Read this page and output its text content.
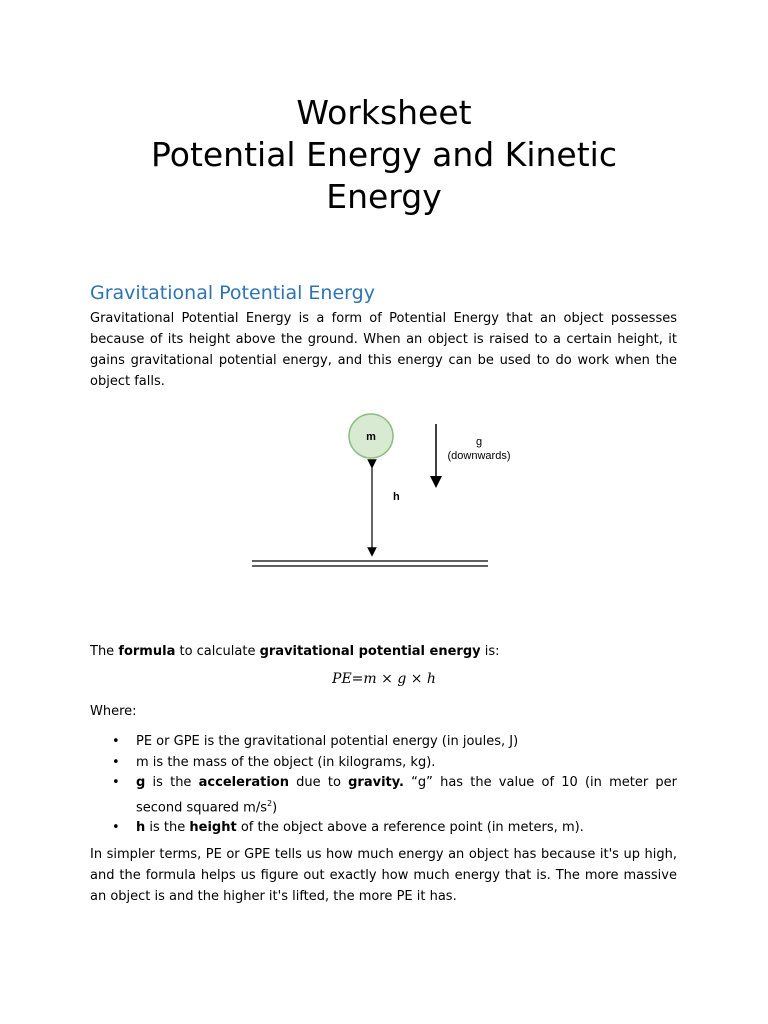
Worksheet
Potential Energy and Kinetic
Energy
Gravitational Potential Energy

Gravitational Potential Energy is a form of Potential Energy that an object possesses because of its height above the ground. When an object is raised to a certain height, it gains gravitational potential energy, and this energy can be used to do work when the object falls.

m
h
g
(downwards)

The formula to calculate gravitational potential energy is:

PE=m × g × h

Where:

• PE or GPE is the gravitational potential energy (in joules, J)
• m is the mass of the object (in kilograms, kg).
• g is the acceleration due to gravity. “g” has the value of 10 (in meter per second squared $m/s^2$)
• h is the height of the object above a reference point (in meters, m).

In simpler terms, PE or GPE tells us how much energy an object has because it's up high, and the formula helps us figure out exactly how much energy that is. The more massive an object is and the higher it's lifted, the more PE it has.
